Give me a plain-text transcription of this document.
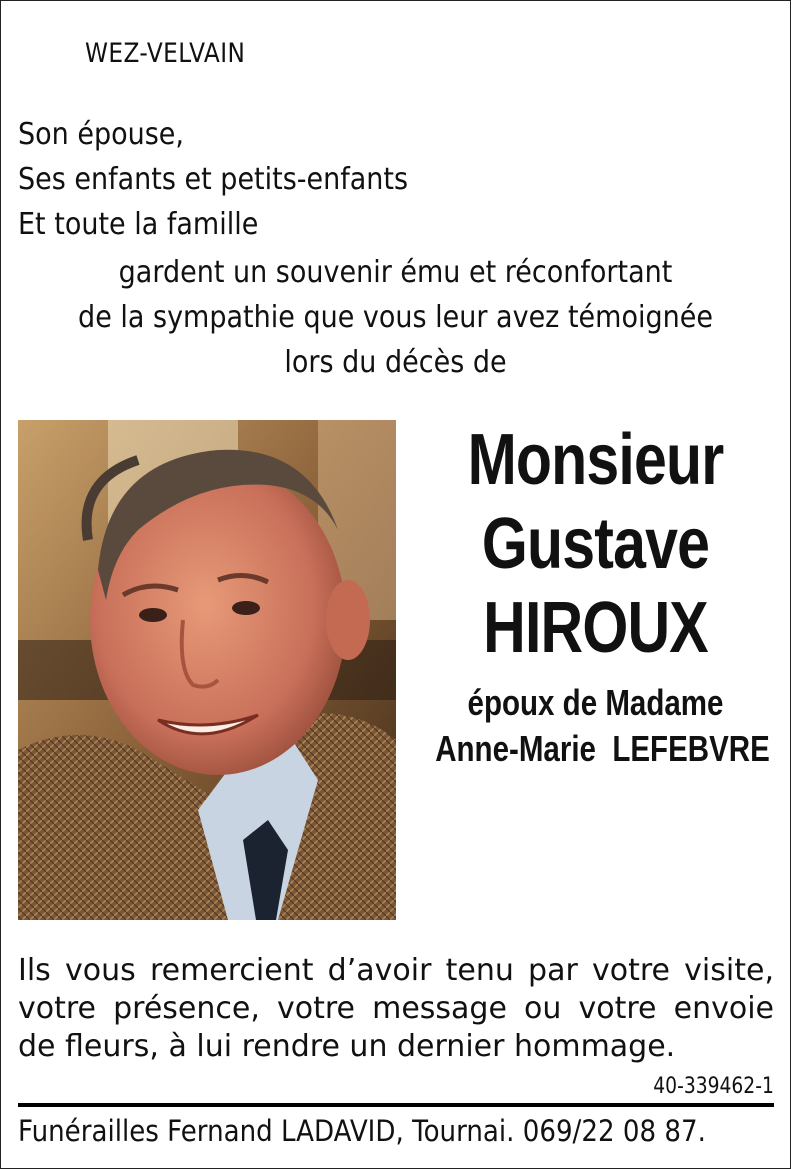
WEZ-VELVAIN
Son épouse,
Ses enfants et petits-enfants
Et toute la famille
gardent un souvenir ému et réconfortant
de la sympathie que vous leur avez témoignée
lors du décès de
Monsieur
Gustave
HIROUX
époux de Madame
Anne-Marie  LEFEBVRE
Ils vous remercient d’avoir tenu par votre visite, votre présence, votre message ou votre envoie de fleurs, à lui rendre un dernier hommage.
40-339462-1
Funérailles Fernand LADAVID, Tournai. 069/22 08 87.
